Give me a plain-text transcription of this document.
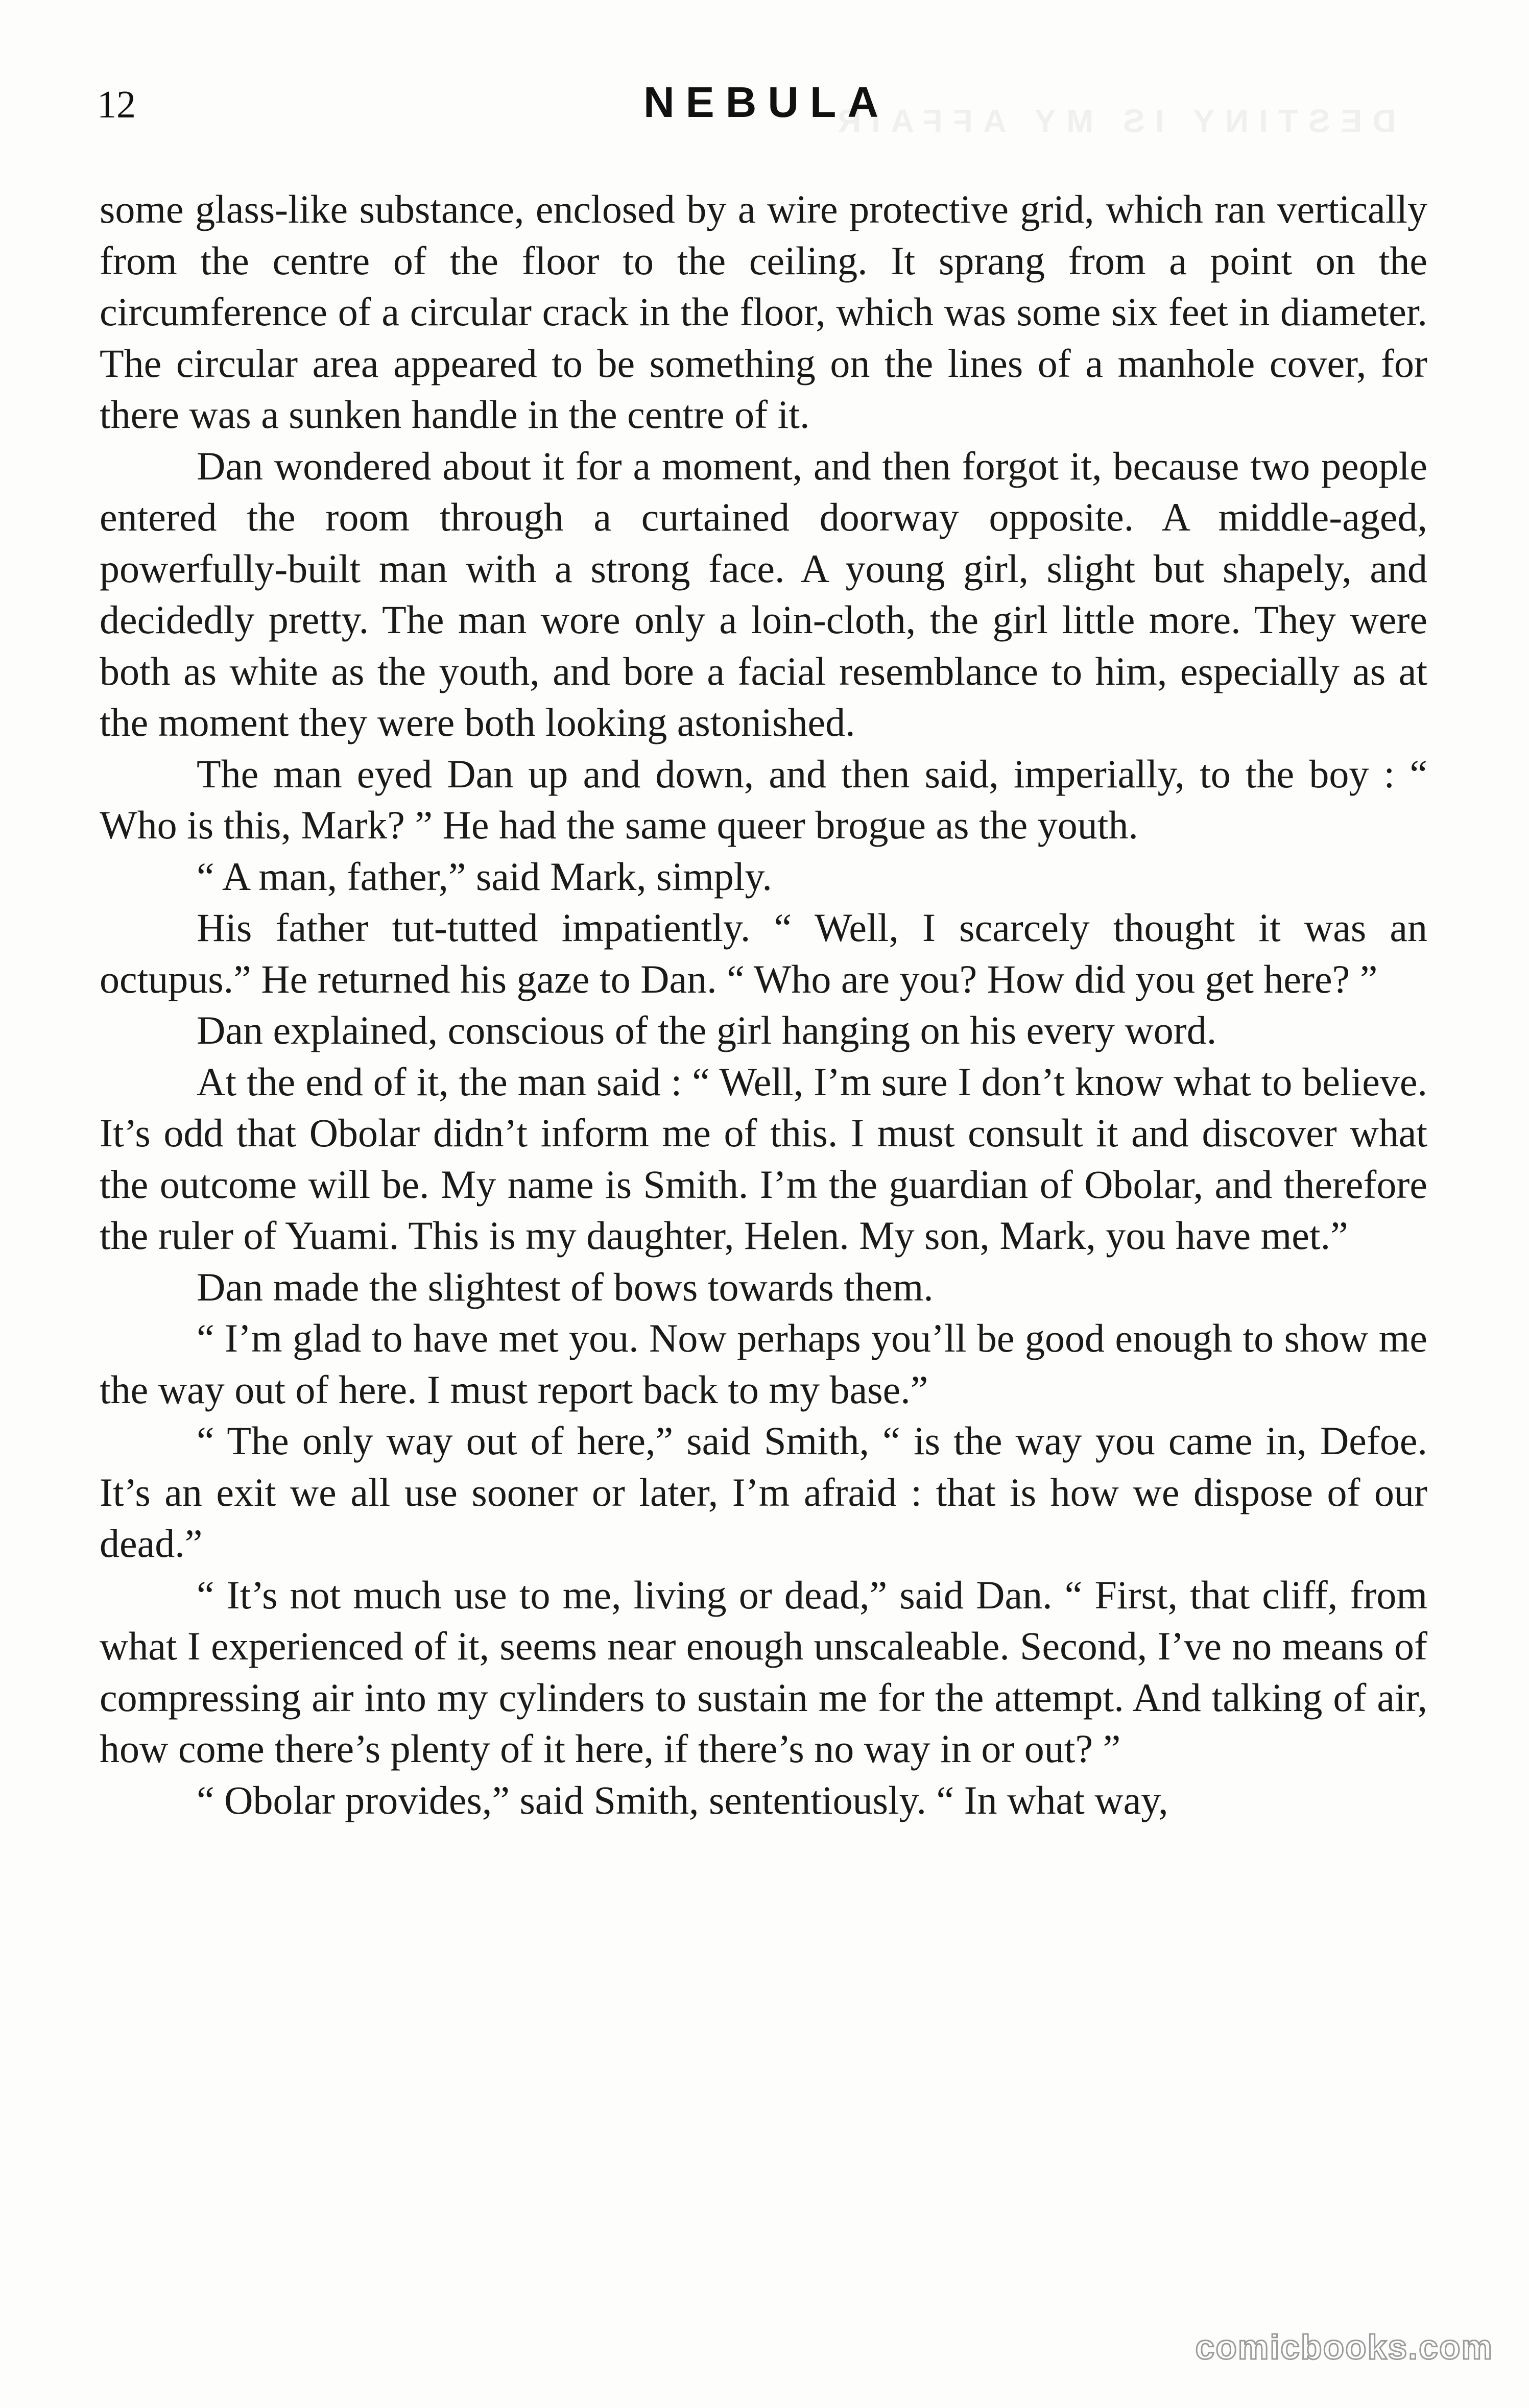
12	NEBULA
DESTINY IS MY AFFAIR

some glass-like substance, enclosed by a wire protective grid, which ran vertically from the centre of the floor to the ceiling. It sprang from a point on the circumference of a circular crack in the floor, which was some six feet in diameter. The circular area appeared to be something on the lines of a manhole cover, for there was a sunken handle in the centre of it.

Dan wondered about it for a moment, and then forgot it, because two people entered the room through a curtained doorway opposite. A middle-aged, powerfully-built man with a strong face. A young girl, slight but shapely, and decidedly pretty. The man wore only a loin-cloth, the girl little more. They were both as white as the youth, and bore a facial resemblance to him, especially as at the moment they were both looking astonished.

The man eyed Dan up and down, and then said, imperially, to the boy : “ Who is this, Mark? ” He had the same queer brogue as the youth.

“ A man, father,” said Mark, simply.

His father tut-tutted impatiently. “ Well, I scarcely thought it was an octupus.” He returned his gaze to Dan. “ Who are you? How did you get here? ”

Dan explained, conscious of the girl hanging on his every word.

At the end of it, the man said : “ Well, I’m sure I don’t know what to believe. It’s odd that Obolar didn’t inform me of this. I must consult it and discover what the outcome will be. My name is Smith. I’m the guardian of Obolar, and therefore the ruler of Yuami. This is my daughter, Helen. My son, Mark, you have met.”

Dan made the slightest of bows towards them.

“ I’m glad to have met you. Now perhaps you’ll be good enough to show me the way out of here. I must report back to my base.”

“ The only way out of here,” said Smith, “ is the way you came in, Defoe. It’s an exit we all use sooner or later, I’m afraid : that is how we dispose of our dead.”

“ It’s not much use to me, living or dead,” said Dan. “ First, that cliff, from what I experienced of it, seems near enough unscaleable. Second, I’ve no means of compressing air into my cylinders to sustain me for the attempt. And talking of air, how come there’s plenty of it here, if there’s no way in or out? ”

“ Obolar provides,” said Smith, sententiously. “ In what way,

comicbooks.com
